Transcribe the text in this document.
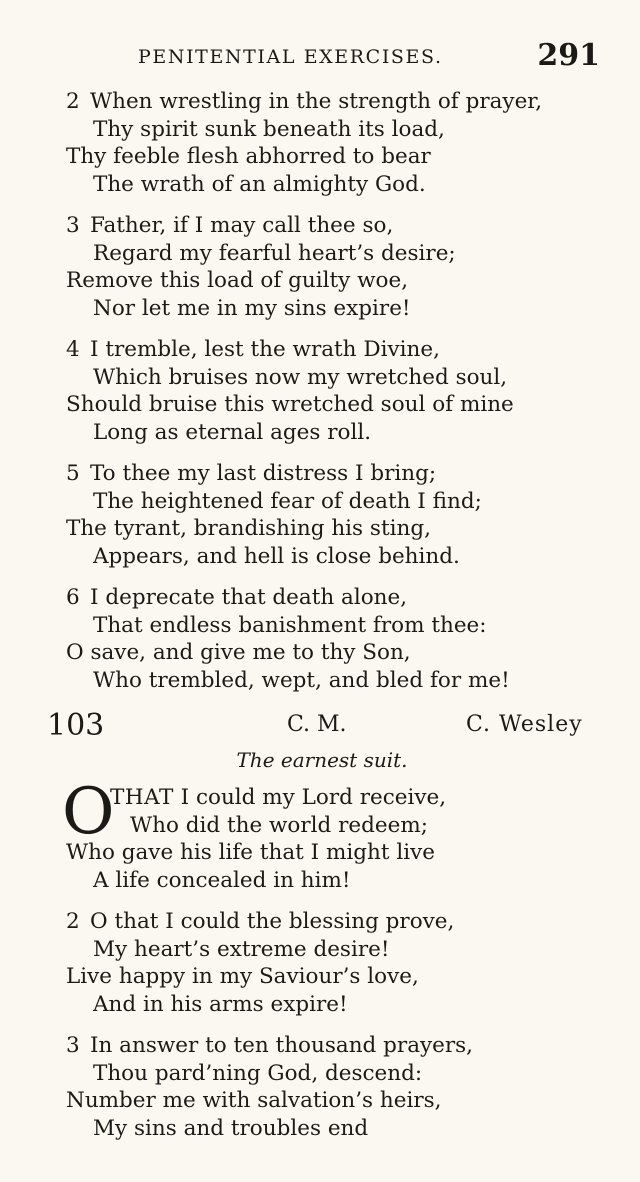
PENITENTIAL EXERCISES.	291
2 When wrestling in the strength of prayer,
Thy spirit sunk beneath its load,
Thy feeble flesh abhorred to bear
The wrath of an almighty God.
3 Father, if I may call thee so,
Regard my fearful heart’s desire;
Remove this load of guilty woe,
Nor let me in my sins expire!
4 I tremble, lest the wrath Divine,
Which bruises now my wretched soul,
Should bruise this wretched soul of mine
Long as eternal ages roll.
5 To thee my last distress I bring;
The heightened fear of death I find;
The tyrant, brandishing his sting,
Appears, and hell is close behind.
6 I deprecate that death alone,
That endless banishment from thee:
O save, and give me to thy Son,
Who trembled, wept, and bled for me!
103	C. M.	C. Wesley
The earnest suit.
O
THAT I could my Lord receive,
Who did the world redeem;
Who gave his life that I might live
A life concealed in him!
2 O that I could the blessing prove,
My heart’s extreme desire!
Live happy in my Saviour’s love,
And in his arms expire!
3 In answer to ten thousand prayers,
Thou pard’ning God, descend:
Number me with salvation’s heirs,
My sins and troubles end
